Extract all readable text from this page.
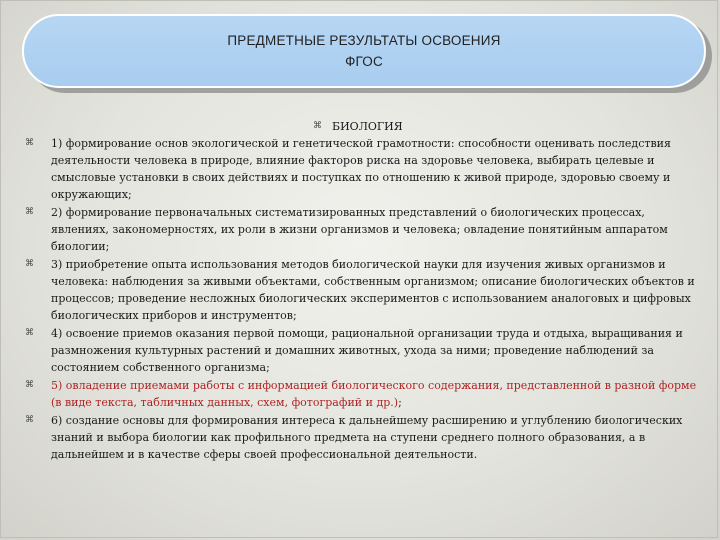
ПРЕДМЕТНЫЕ РЕЗУЛЬТАТЫ ОСВОЕНИЯ
ФГОС
⌘ БИОЛОГИЯ
⌘ 1) формирование основ экологической и генетической грамотности: способности оценивать последствия деятельности человека в природе, влияние факторов риска на здоровье человека, выбирать целевые и смысловые установки в своих действиях и поступках по отношению к живой природе, здоровью своему и окружающих;
⌘ 2) формирование первоначальных систематизированных представлений о биологических процессах, явлениях, закономерностях, их роли в жизни организмов и человека; овладение понятийным аппаратом биологии;
⌘ 3) приобретение опыта использования методов биологической науки для изучения живых организмов и человека: наблюдения за живыми объектами, собственным организмом; описание биологических объектов и процессов; проведение несложных биологических экспериментов с использованием аналоговых и цифровых биологических приборов и инструментов;
⌘ 4) освоение приемов оказания первой помощи, рациональной организации труда и отдыха, выращивания и размножения культурных растений и домашних животных, ухода за ними; проведение наблюдений за состоянием собственного организма;
⌘ 5) овладение приемами работы с информацией биологического содержания, представленной в разной форме (в виде текста, табличных данных, схем, фотографий и др.);
⌘ 6) создание основы для формирования интереса к дальнейшему расширению и углублению биологических знаний и выбора биологии как профильного предмета на ступени среднего полного образования, а в дальнейшем и в качестве сферы своей профессиональной деятельности.
